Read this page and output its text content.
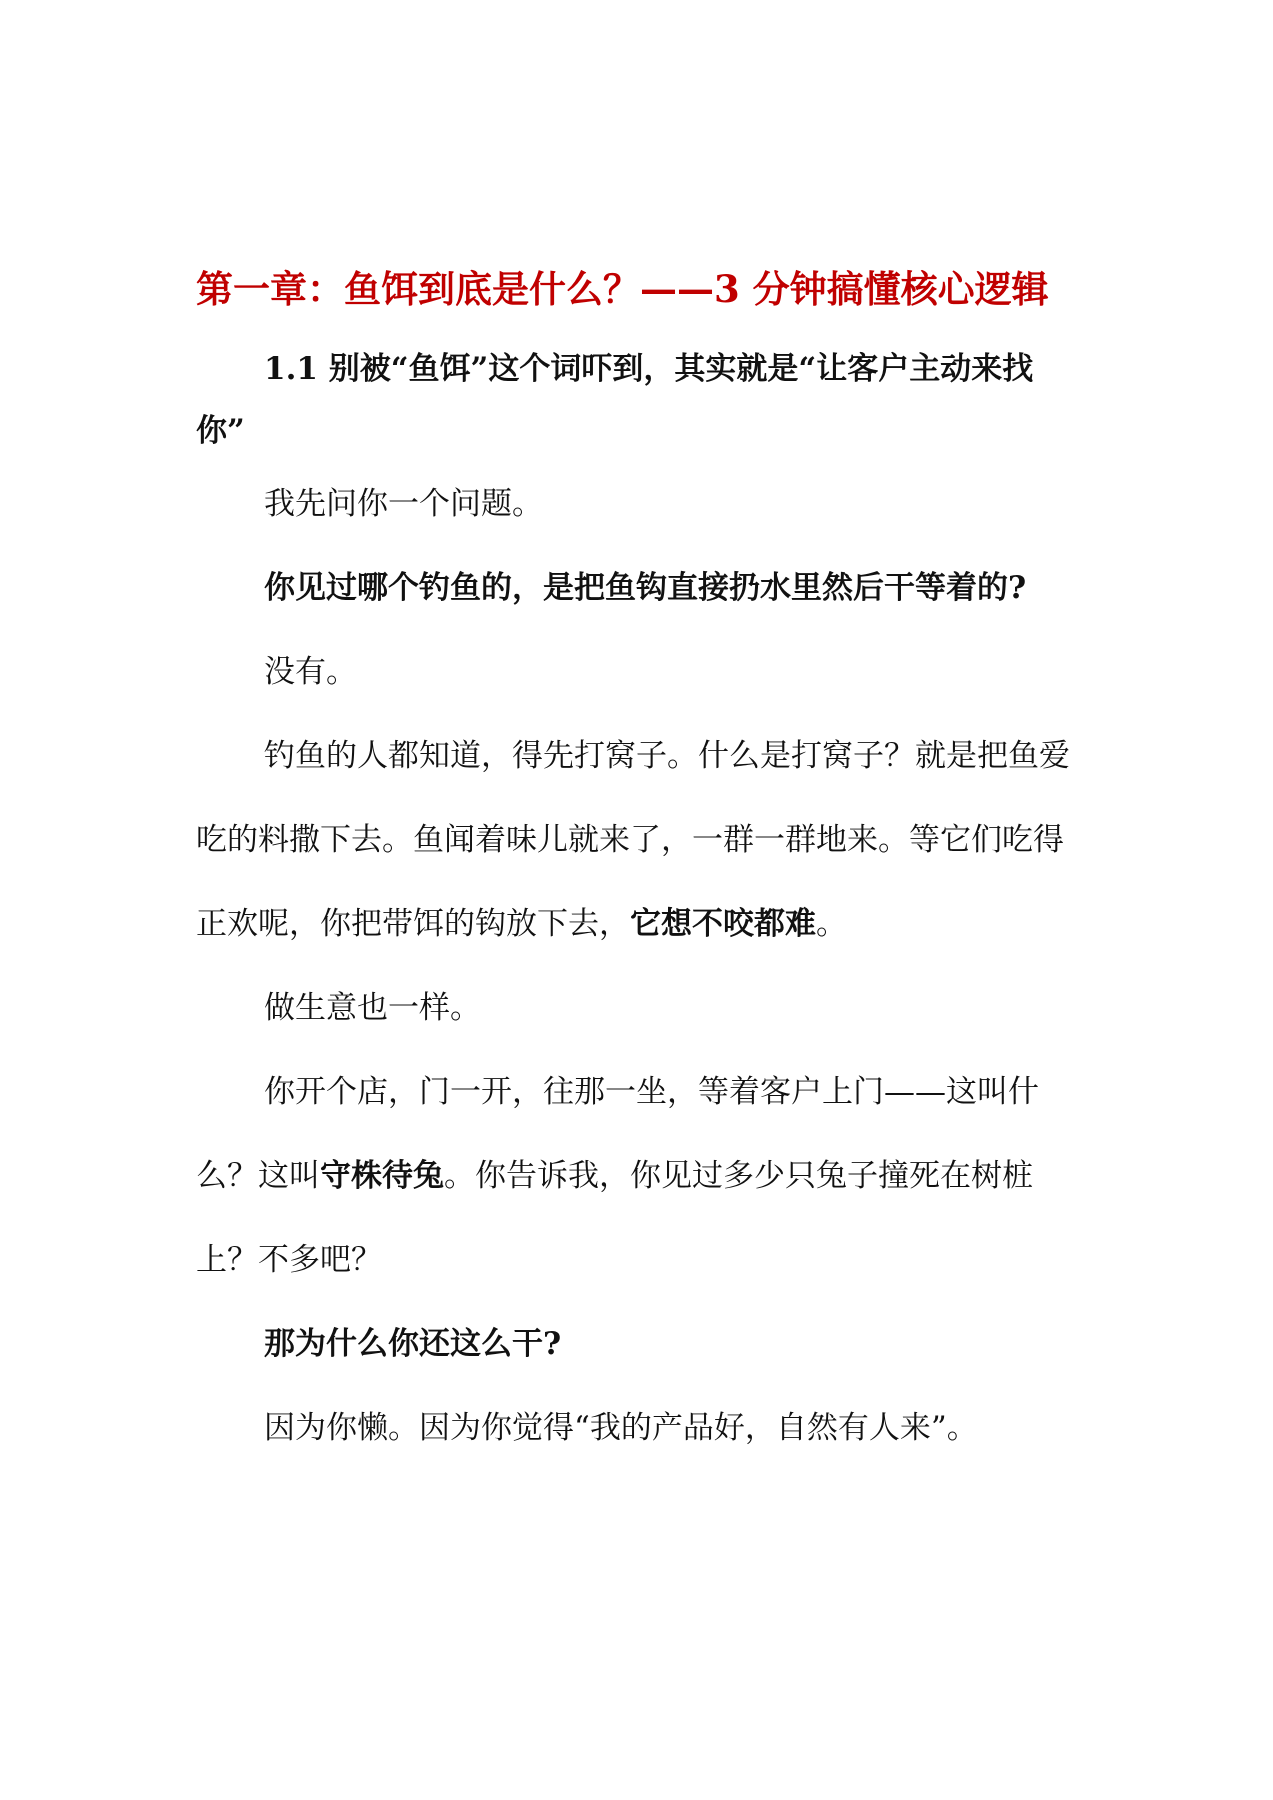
第一章：鱼饵到底是什么？——3 分钟搞懂核心逻辑
1.1 别被“鱼饵”这个词吓到，其实就是“让客户主动来找你”

我先问你一个问题。

你见过哪个钓鱼的，是把鱼钩直接扔水里然后干等着的?

没有。

钓鱼的人都知道，得先打窝子。什么是打窝子？就是把鱼爱吃的料撒下去。鱼闻着味儿就来了，一群一群地来。等它们吃得正欢呢，你把带饵的钩放下去，它想不咬都难。

做生意也一样。

你开个店，门一开，往那一坐，等着客户上门——这叫什么？这叫守株待兔。你告诉我，你见过多少只兔子撞死在树桩上？不多吧？

那为什么你还这么干?

因为你懒。因为你觉得“我的产品好，自然有人来”。
